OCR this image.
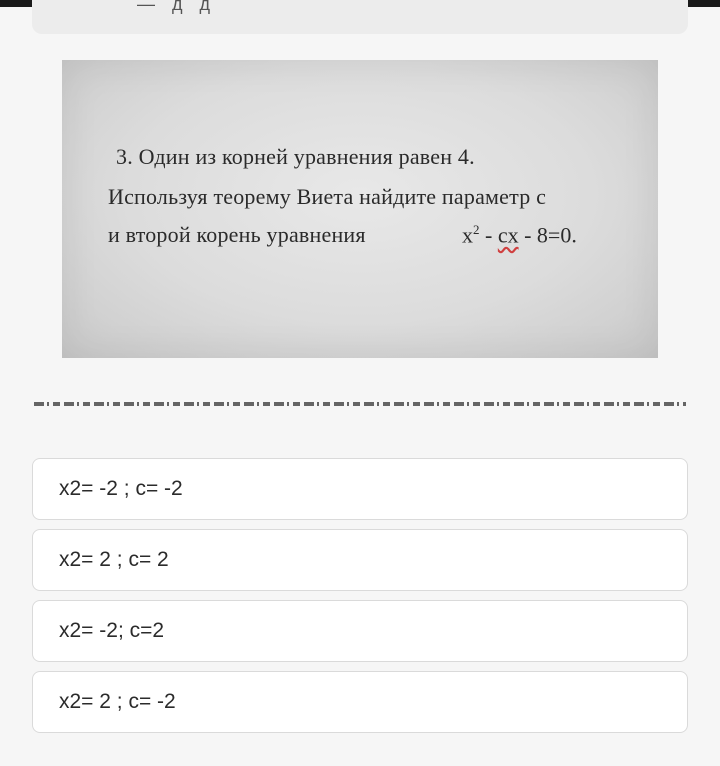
— д д
3. Один из корней уравнения равен 4.
Используя теорему Виета найдите параметр с
и второй корень уравнения	$x^2$ - cx - 8=0.
x2= -2 ; c= -2
x2= 2 ; c= 2
x2= -2; c=2
x2= 2 ; c= -2
